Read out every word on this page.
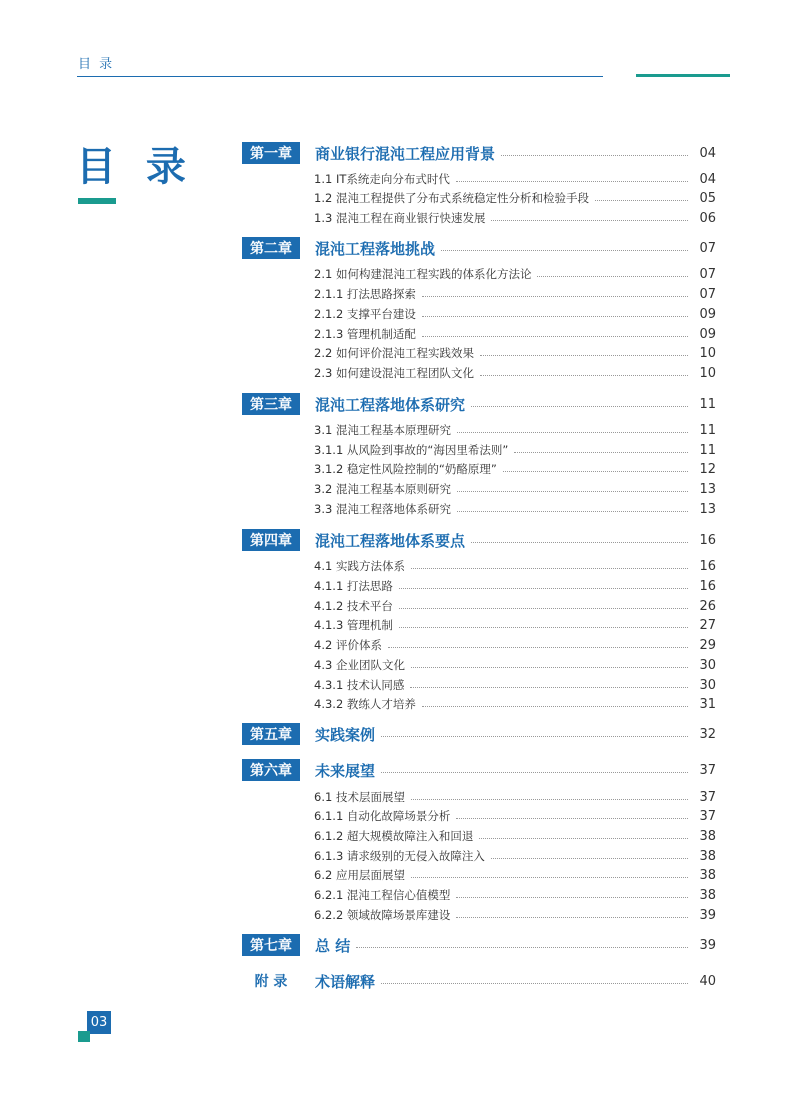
目 录
目 录	第一章	商业银行混沌工程应用背景	04
1.1 IT系统走向分布式时代	04
1.2 混沌工程提供了分布式系统稳定性分析和检验手段	05
1.3 混沌工程在商业银行快速发展	06
第二章	混沌工程落地挑战	07
2.1 如何构建混沌工程实践的体系化方法论	07
2.1.1 打法思路探索	07
2.1.2 支撑平台建设	09
2.1.3 管理机制适配	09
2.2 如何评价混沌工程实践效果	10
2.3 如何建设混沌工程团队文化	10
第三章	混沌工程落地体系研究	11
3.1 混沌工程基本原理研究	11
3.1.1 从风险到事故的“海因里希法则”	11
3.1.2 稳定性风险控制的“奶酪原理”	12
3.2 混沌工程基本原则研究	13
3.3 混沌工程落地体系研究	13
第四章	混沌工程落地体系要点	16
4.1 实践方法体系	16
4.1.1 打法思路	16
4.1.2 技术平台	26
4.1.3 管理机制	27
4.2 评价体系	29
4.3 企业团队文化	30
4.3.1 技术认同感	30
4.3.2 教练人才培养	31
第五章	实践案例	32
第六章	未来展望	37
6.1 技术层面展望	37
6.1.1 自动化故障场景分析	37
6.1.2 超大规模故障注入和回退	38
6.1.3 请求级别的无侵入故障注入	38
6.2 应用层面展望	38
6.2.1 混沌工程信心值模型	38
6.2.2 领域故障场景库建设	39
第七章	总 结	39
附 录	术语解释	40
03
